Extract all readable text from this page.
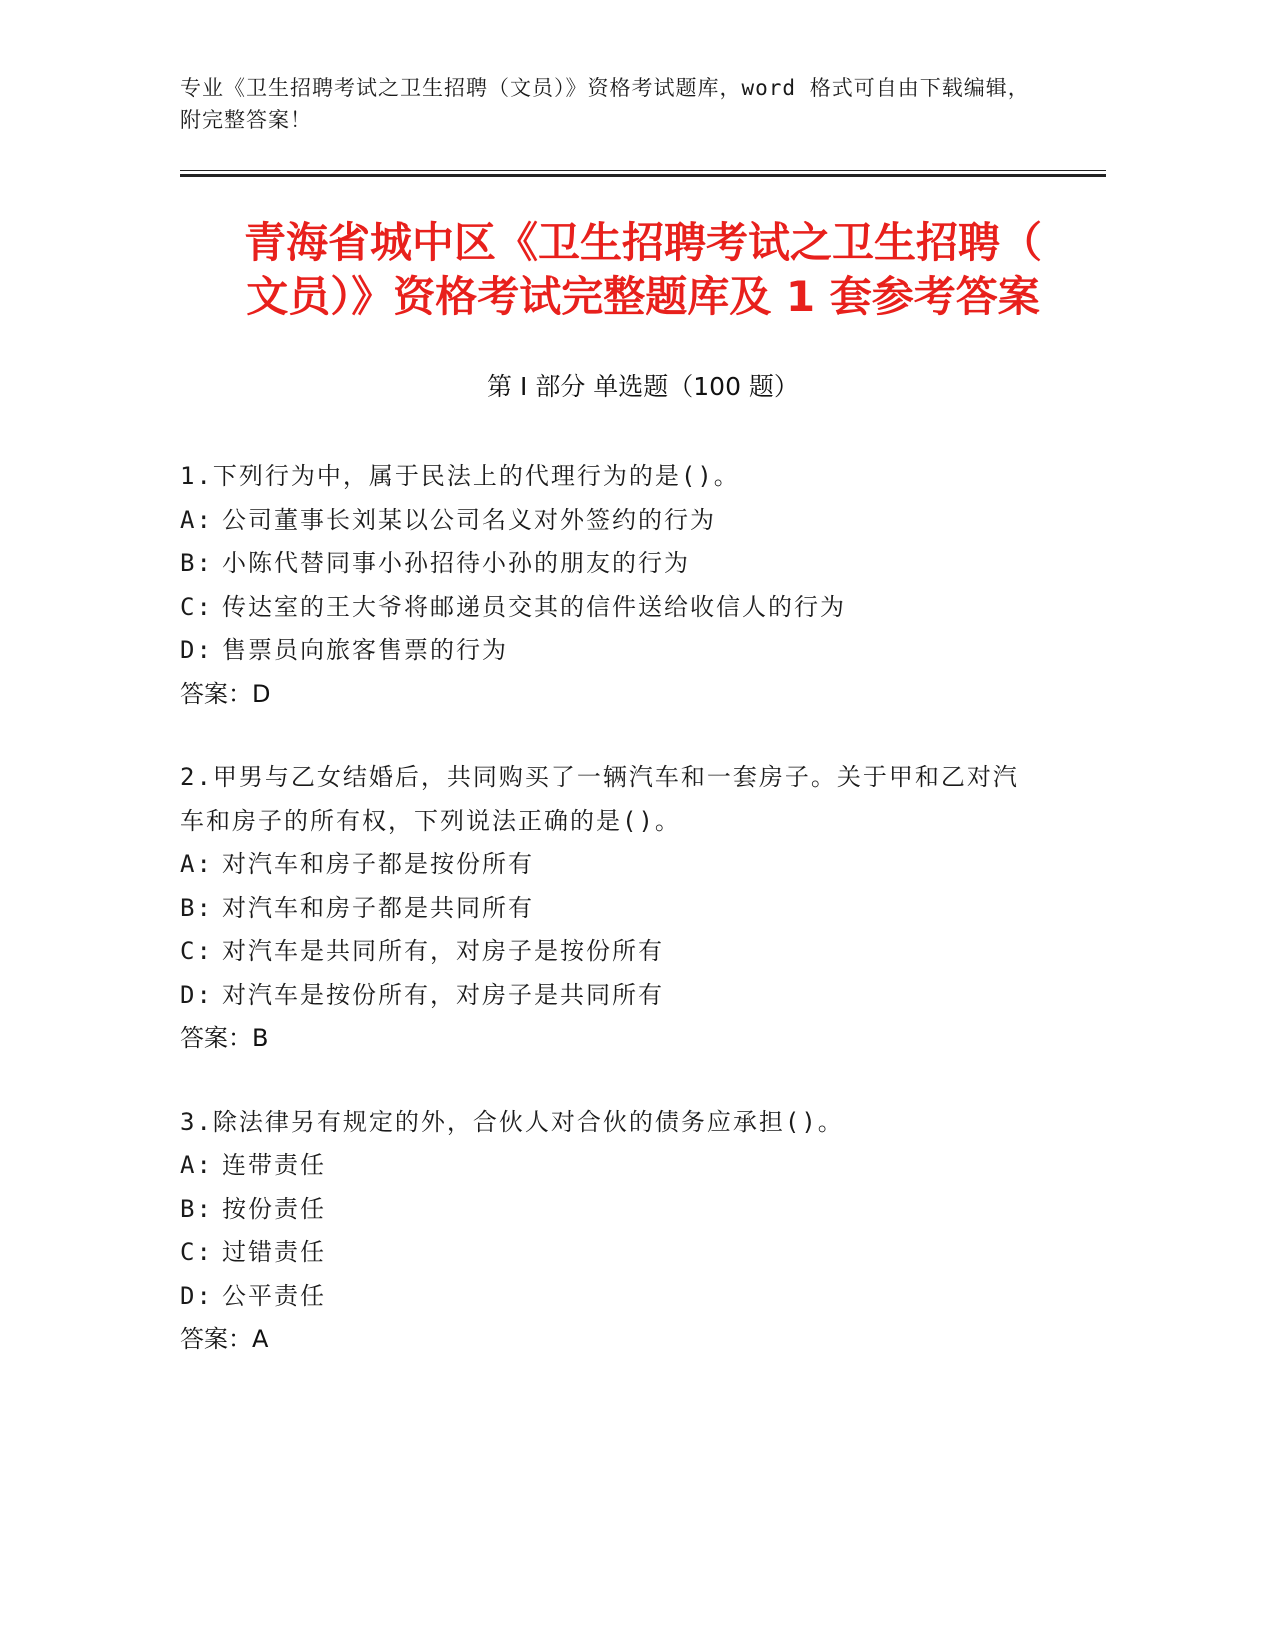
专业《卫生招聘考试之卫生招聘（文员）》资格考试题库，word 格式可自由下载编辑，附完整答案！
青海省城中区《卫生招聘考试之卫生招聘（
文员）》资格考试完整题库及 1 套参考答案
第 I 部分 单选题（100 题）

1.下列行为中，属于民法上的代理行为的是()。

A: 公司董事长刘某以公司名义对外签约的行为

B: 小陈代替同事小孙招待小孙的朋友的行为

C: 传达室的王大爷将邮递员交其的信件送给收信人的行为

D: 售票员向旅客售票的行为

答案：D

2.甲男与乙女结婚后，共同购买了一辆汽车和一套房子。关于甲和乙对汽车和房子的所有权，下列说法正确的是()。

A: 对汽车和房子都是按份所有

B: 对汽车和房子都是共同所有

C: 对汽车是共同所有，对房子是按份所有

D: 对汽车是按份所有，对房子是共同所有

答案：B

3.除法律另有规定的外，合伙人对合伙的债务应承担()。

A: 连带责任

B: 按份责任

C: 过错责任

D: 公平责任

答案：A
